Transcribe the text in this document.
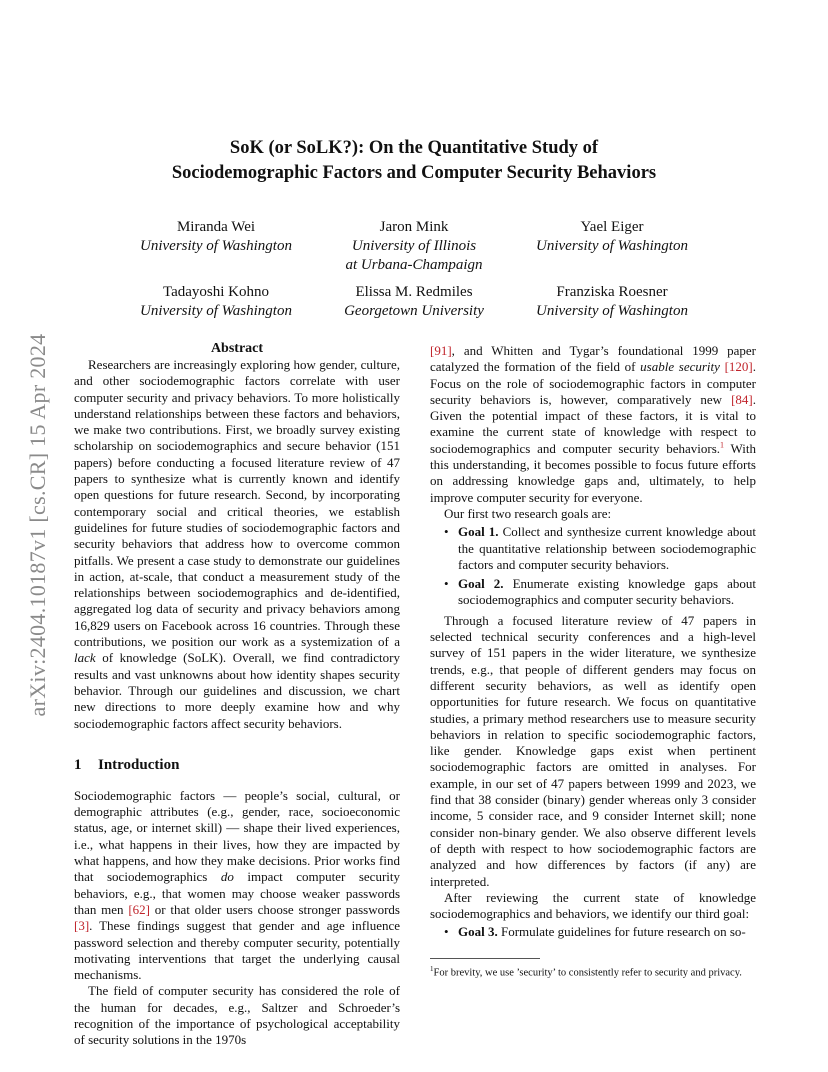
arXiv:2404.10187v1 [cs.CR] 15 Apr 2024
SoK (or SoLK?): On the Quantitative Study of
Sociodemographic Factors and Computer Security Behaviors
Miranda Wei
University of Washington
Jaron Mink
University of Illinois
at Urbana-Champaign
Yael Eiger
University of Washington
Tadayoshi Kohno
University of Washington
Elissa M. Redmiles
Georgetown University
Franziska Roesner
University of Washington
Abstract

Researchers are increasingly exploring how gender, culture, and other sociodemographic factors correlate with user computer security and privacy behaviors. To more holistically understand relationships between these factors and behaviors, we make two contributions. First, we broadly survey existing scholarship on sociodemographics and secure behavior (151 papers) before conducting a focused literature review of 47 papers to synthesize what is currently known and identify open questions for future research. Second, by incorporating contemporary social and critical theories, we establish guidelines for future studies of sociodemographic factors and security behaviors that address how to overcome common pitfalls. We present a case study to demonstrate our guidelines in action, at-scale, that conduct a measurement study of the relationships between sociodemographics and de-identified, aggregated log data of security and privacy behaviors among 16,829 users on Facebook across 16 countries. Through these contributions, we position our work as a systemization of a lack of knowledge (SoLK). Overall, we find contradictory results and vast unknowns about how identity shapes security behavior. Through our guidelines and discussion, we chart new directions to more deeply examine how and why sociodemographic factors affect security behaviors.

1 Introduction

Sociodemographic factors — people’s social, cultural, or demographic attributes (e.g., gender, race, socioeconomic status, age, or internet skill) — shape their lived experiences, i.e., what happens in their lives, how they are impacted by what happens, and how they make decisions. Prior works find that sociodemographics do impact computer security behaviors, e.g., that women may choose weaker passwords than men [62] or that older users choose stronger passwords [3]. These findings suggest that gender and age influence password selection and thereby computer security, potentially motivating interventions that target the underlying causal mechanisms.

The field of computer security has considered the role of the human for decades, e.g., Saltzer and Schroeder’s recognition of the importance of psychological acceptability of security solutions in the 1970s

[91], and Whitten and Tygar’s foundational 1999 paper catalyzed the formation of the field of usable security [120]. Focus on the role of sociodemographic factors in computer security behaviors is, however, comparatively new [84]. Given the potential impact of these factors, it is vital to examine the current state of knowledge with respect to sociodemographics and computer security behaviors.$^1$ With this understanding, it becomes possible to focus future efforts on addressing knowledge gaps and, ultimately, to help improve computer security for everyone.

Our first two research goals are:

• Goal 1. Collect and synthesize current knowledge about the quantitative relationship between sociodemographic factors and computer security behaviors.
• Goal 2. Enumerate existing knowledge gaps about sociodemographics and computer security behaviors.

Through a focused literature review of 47 papers in selected technical security conferences and a high-level survey of 151 papers in the wider literature, we synthesize trends, e.g., that people of different genders may focus on different security behaviors, as well as identify open opportunities for future research. We focus on quantitative studies, a primary method researchers use to measure security behaviors in relation to specific sociodemographic factors, like gender. Knowledge gaps exist when pertinent sociodemographic factors are omitted in analyses. For example, in our set of 47 papers between 1999 and 2023, we find that 38 consider (binary) gender whereas only 3 consider income, 5 consider race, and 9 consider Internet skill; none consider non-binary gender. We also observe different levels of depth with respect to how sociodemographic factors are analyzed and how differences by factors (if any) are interpreted.

After reviewing the current state of knowledge sociodemographics and behaviors, we identify our third goal:

• Goal 3. Formulate guidelines for future research on so-
$^1$For brevity, we use ’security’ to consistently refer to security and privacy.
